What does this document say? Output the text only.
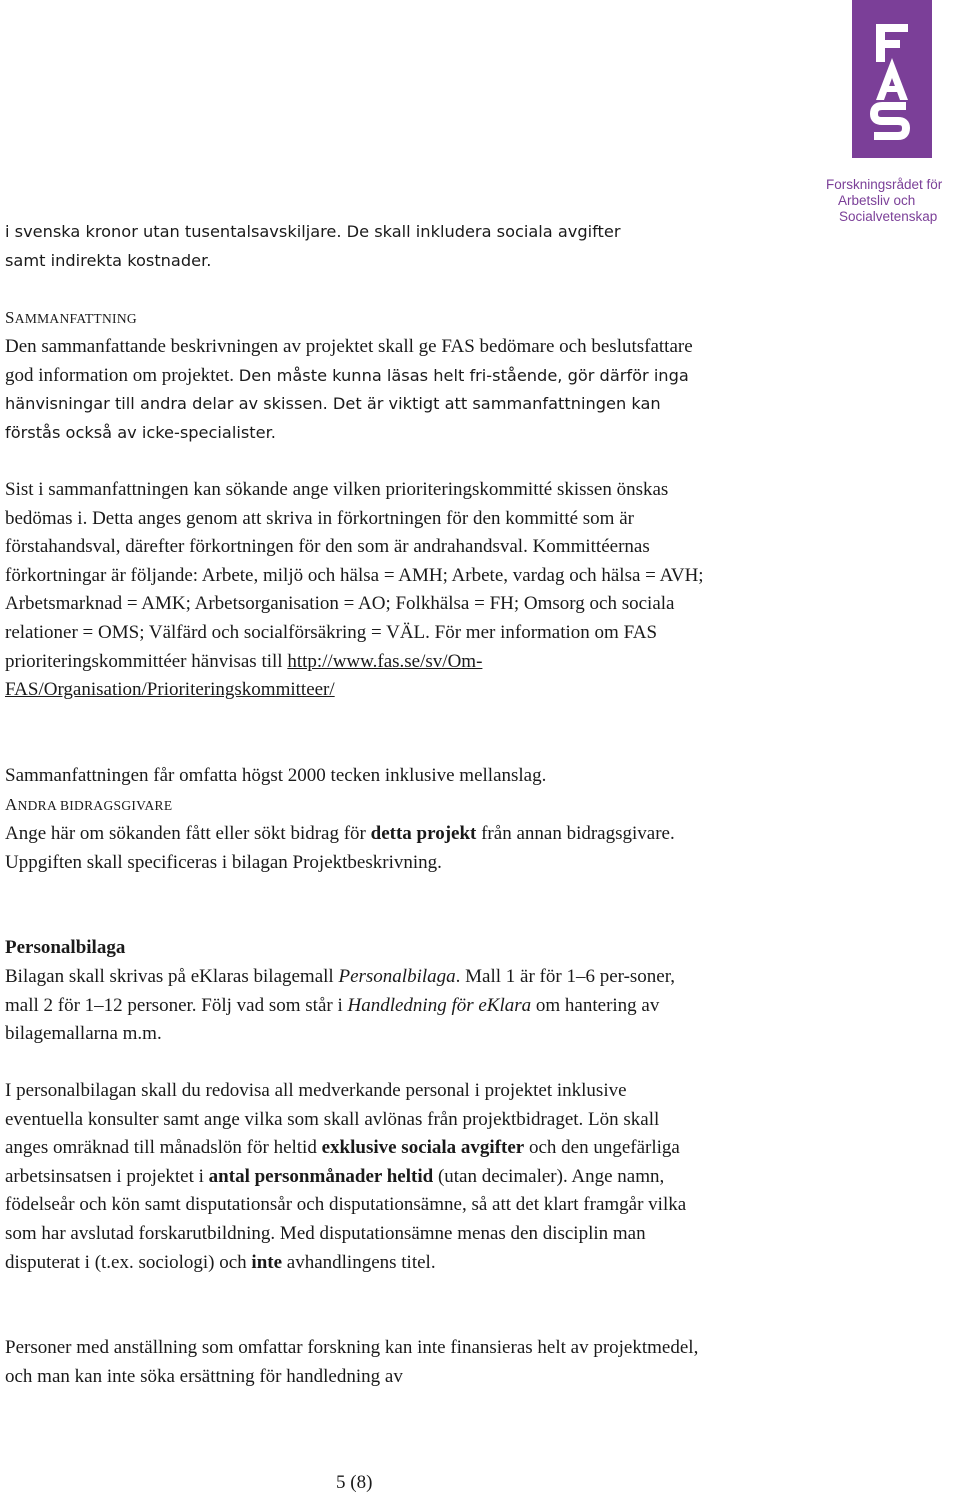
Forskningsrådet för
Arbetsliv och
Socialvetenskap

i svenska kronor utan tusentalsavskiljare. De skall inkludera sociala avgifter
samt indirekta kostnader.

SAMMANFATTNING

Den sammanfattande beskrivningen av projektet skall ge FAS bedömare och beslutsfattare god information om projektet. Den måste kunna läsas helt fri-stående, gör därför inga hänvisningar till andra delar av skissen. Det är viktigt att sammanfattningen kan förstås också av icke-specialister.

Sist i sammanfattningen kan sökande ange vilken prioriteringskommitté skissen önskas bedömas i. Detta anges genom att skriva in förkortningen för den kommitté som är förstahandsval, därefter förkortningen för den som är andrahandsval. Kommittéernas förkortningar är följande: Arbete, miljö och hälsa = AMH; Arbete, vardag och hälsa = AVH; Arbetsmarknad = AMK; Arbetsorganisation = AO; Folkhälsa = FH; Omsorg och sociala relationer = OMS; Välfärd och socialförsäkring = VÄL. För mer information om FAS prioriteringskommittéer hänvisas till http://www.fas.se/sv/Om-FAS/Organisation/Prioriteringskommitteer/

Sammanfattningen får omfatta högst 2000 tecken inklusive mellanslag.

ANDRA BIDRAGSGIVARE

Ange här om sökanden fått eller sökt bidrag för detta projekt från annan bidragsgivare. Uppgiften skall specificeras i bilagan Projektbeskrivning.

Personalbilaga

Bilagan skall skrivas på eKlaras bilagemall Personalbilaga. Mall 1 är för 1–6 per-soner, mall 2 för 1–12 personer. Följ vad som står i Handledning för eKlara om hantering av bilagemallarna m.m.

I personalbilagan skall du redovisa all medverkande personal i projektet inklusive eventuella konsulter samt ange vilka som skall avlönas från projektbidraget. Lön skall anges omräknad till månadslön för heltid exklusive sociala avgifter och den ungefärliga arbetsinsatsen i projektet i antal personmånader heltid (utan decimaler). Ange namn, födelseår och kön samt disputationsår och disputationsämne, så att det klart framgår vilka som har avslutad forskarutbildning. Med disputationsämne menas den disciplin man disputerat i (t.ex. sociologi) och inte avhandlingens titel.

Personer med anställning som omfattar forskning kan inte finansieras helt av projektmedel, och man kan inte söka ersättning för handledning av

5 (8)
